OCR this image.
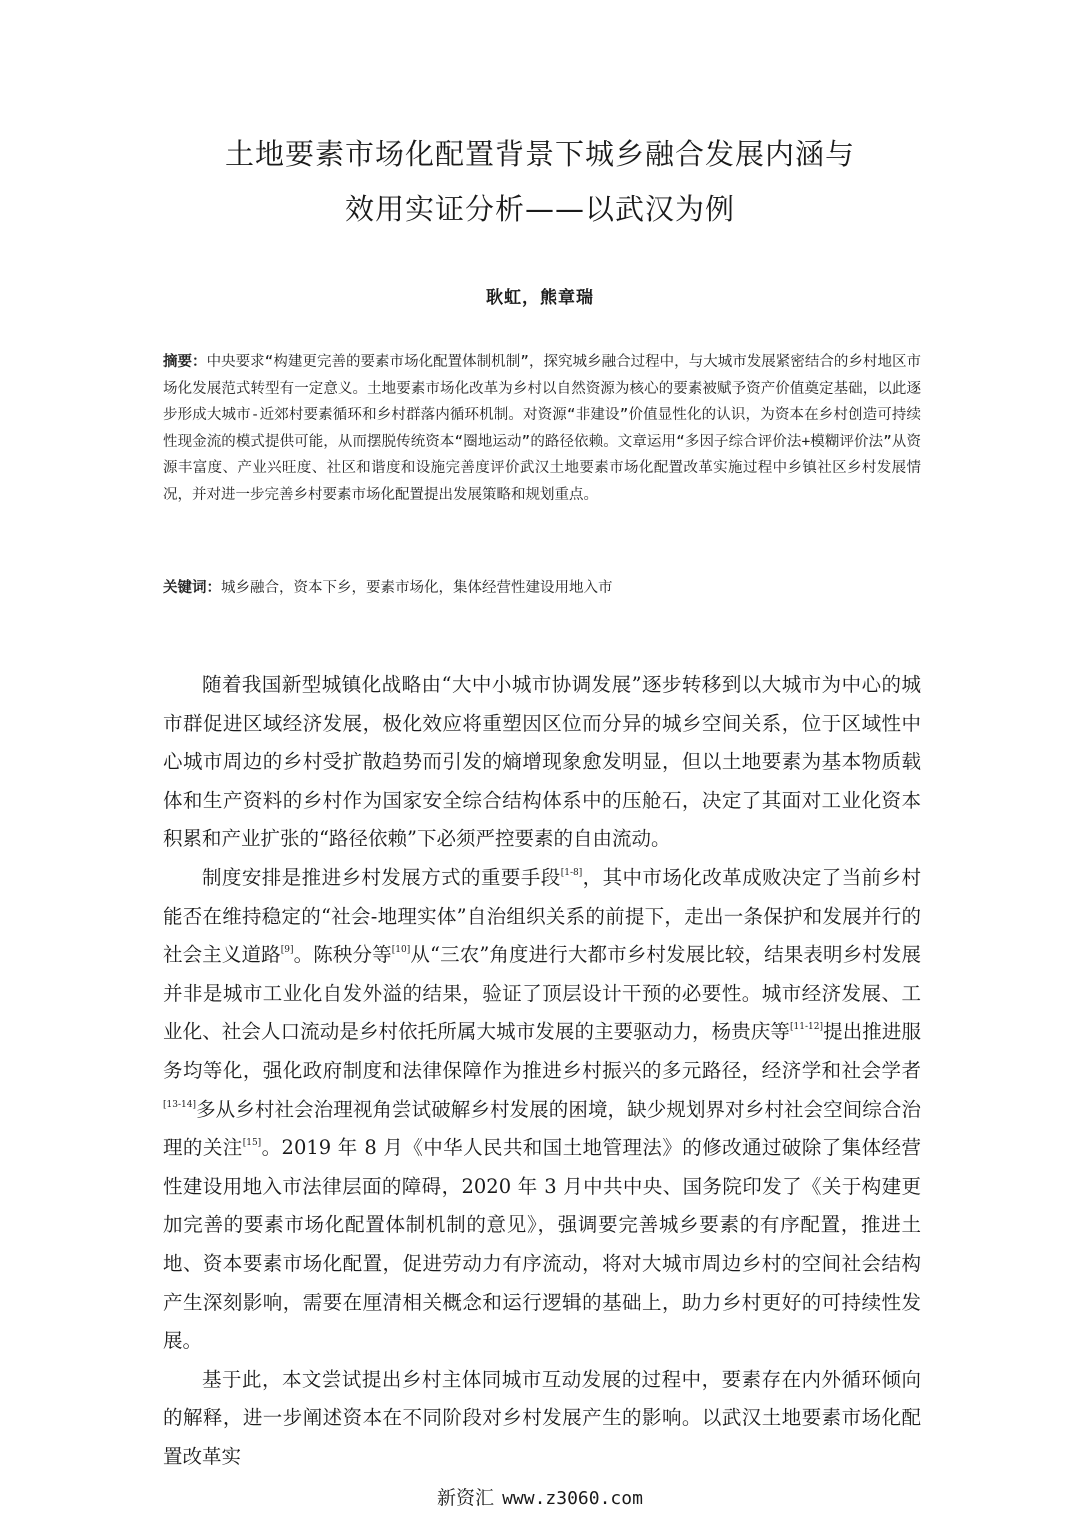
土地要素市场化配置背景下城乡融合发展内涵与
效用实证分析——以武汉为例
耿虹，熊章瑞
摘要：中央要求“构建更完善的要素市场化配置体制机制”，探究城乡融合过程中，与大城市发展紧密结合的乡村地区市场化发展范式转型有一定意义。土地要素市场化改革为乡村以自然资源为核心的要素被赋予资产价值奠定基础，以此逐步形成大城市-近郊村要素循环和乡村群落内循环机制。对资源“非建设”价值显性化的认识，为资本在乡村创造可持续性现金流的模式提供可能，从而摆脱传统资本“圈地运动”的路径依赖。文章运用“多因子综合评价法+模糊评价法”从资源丰富度、产业兴旺度、社区和谐度和设施完善度评价武汉土地要素市场化配置改革实施过程中乡镇社区乡村发展情况，并对进一步完善乡村要素市场化配置提出发展策略和规划重点。
关键词：城乡融合，资本下乡，要素市场化，集体经营性建设用地入市

随着我国新型城镇化战略由“大中小城市协调发展”逐步转移到以大城市为中心的城市群促进区域经济发展，极化效应将重塑因区位而分异的城乡空间关系，位于区域性中心城市周边的乡村受扩散趋势而引发的熵增现象愈发明显，但以土地要素为基本物质载体和生产资料的乡村作为国家安全综合结构体系中的压舱石，决定了其面对工业化资本积累和产业扩张的“路径依赖”下必须严控要素的自由流动。

制度安排是推进乡村发展方式的重要手段[1-8]，其中市场化改革成败决定了当前乡村能否在维持稳定的“社会-地理实体”自治组织关系的前提下，走出一条保护和发展并行的社会主义道路[9]。陈秧分等[10]从“三农”角度进行大都市乡村发展比较，结果表明乡村发展并非是城市工业化自发外溢的结果，验证了顶层设计干预的必要性。城市经济发展、工业化、社会人口流动是乡村依托所属大城市发展的主要驱动力，杨贵庆等[11-12]提出推进服务均等化，强化政府制度和法律保障作为推进乡村振兴的多元路径，经济学和社会学者[13-14]多从乡村社会治理视角尝试破解乡村发展的困境，缺少规划界对乡村社会空间综合治理的关注[15]。2019 年 8 月《中华人民共和国土地管理法》的修改通过破除了集体经营性建设用地入市法律层面的障碍，2020 年 3 月中共中央、国务院印发了《关于构建更加完善的要素市场化配置体制机制的意见》，强调要完善城乡要素的有序配置，推进土地、资本要素市场化配置，促进劳动力有序流动，将对大城市周边乡村的空间社会结构产生深刻影响，需要在厘清相关概念和运行逻辑的基础上，助力乡村更好的可持续性发展。

基于此，本文尝试提出乡村主体同城市互动发展的过程中，要素存在内外循环倾向的解释，进一步阐述资本在不同阶段对乡村发展产生的影响。以武汉土地要素市场化配置改革实

新资汇 www.z3060.com
